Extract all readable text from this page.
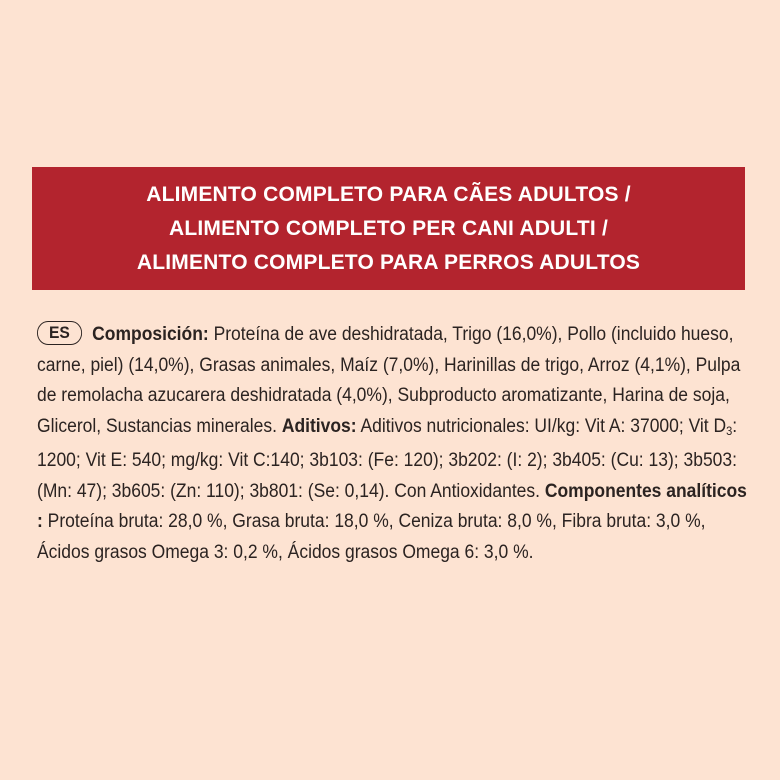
ALIMENTO COMPLETO PARA CÃES ADULTOS /
ALIMENTO COMPLETO PER CANI ADULTI /
ALIMENTO COMPLETO PARA PERROS ADULTOS

ES Composición: Proteína de ave deshidratada, Trigo (16,0%), Pollo (incluido hueso, carne, piel) (14,0%), Grasas animales, Maíz (7,0%), Harinillas de trigo, Arroz (4,1%), Pulpa de remolacha azucarera deshidratada (4,0%), Subproducto aromatizante, Harina de soja, Glicerol, Sustancias minerales. Aditivos: Aditivos nutricionales: UI/kg: Vit A: 37000; Vit $D_3$: 1200; Vit E: 540; mg/kg: Vit C:140; 3b103: (Fe: 120); 3b202: (I: 2); 3b405: (Cu: 13); 3b503: (Mn: 47); 3b605: (Zn: 110); 3b801: (Se: 0,14). Con Antioxidantes. Componentes analíticos : Proteína bruta: 28,0 %, Grasa bruta: 18,0 %, Ceniza bruta: 8,0 %, Fibra bruta: 3,0 %, Ácidos grasos Omega 3: 0,2 %, Ácidos grasos Omega 6: 3,0 %.
